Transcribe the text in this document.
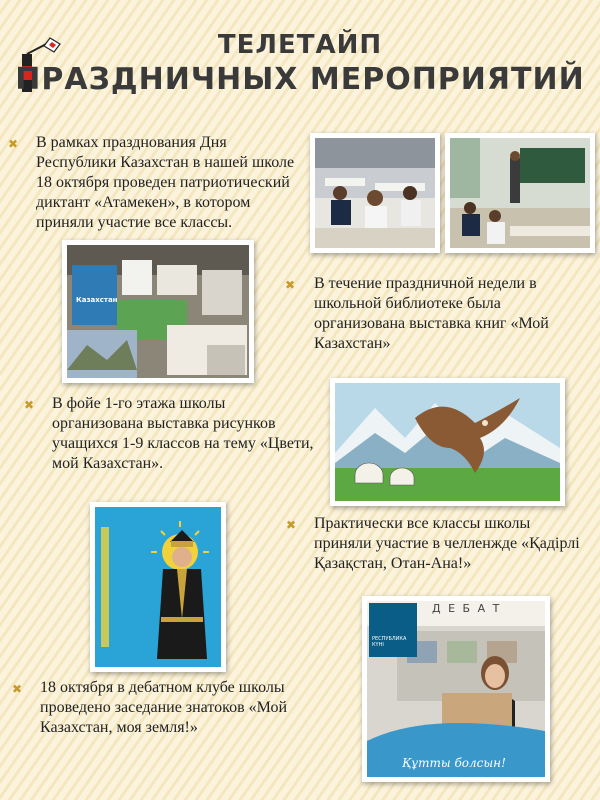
ТЕЛЕТАЙП
ПРАЗДНИЧНЫХ МЕРОПРИЯТИЙ
✖ В рамках празднования Дня Республики Казахстан в нашей школе 18 октября проведен патриотический диктант «Атамекен», в котором приняли участие все классы.
Казахстан
✖ В течение праздничной недели в школьной библиотеке была организована выставка книг «Мой Казахстан»
✖ В фойе 1-го этажа школы организована выставка рисунков учащихся 1-9 классов на тему «Цвети, мой Казахстан».
✖ Практически все классы школы приняли участие в челленжде «Қадірлі Қазақстан, Отан-Ана!»
Д Е Б А Т
РЕСПУБЛИКА КҮНІ
Құтты болсын!
✖ 18 октября в дебатном клубе школы проведено заседание знатоков «Мой Казахстан, моя земля!»
